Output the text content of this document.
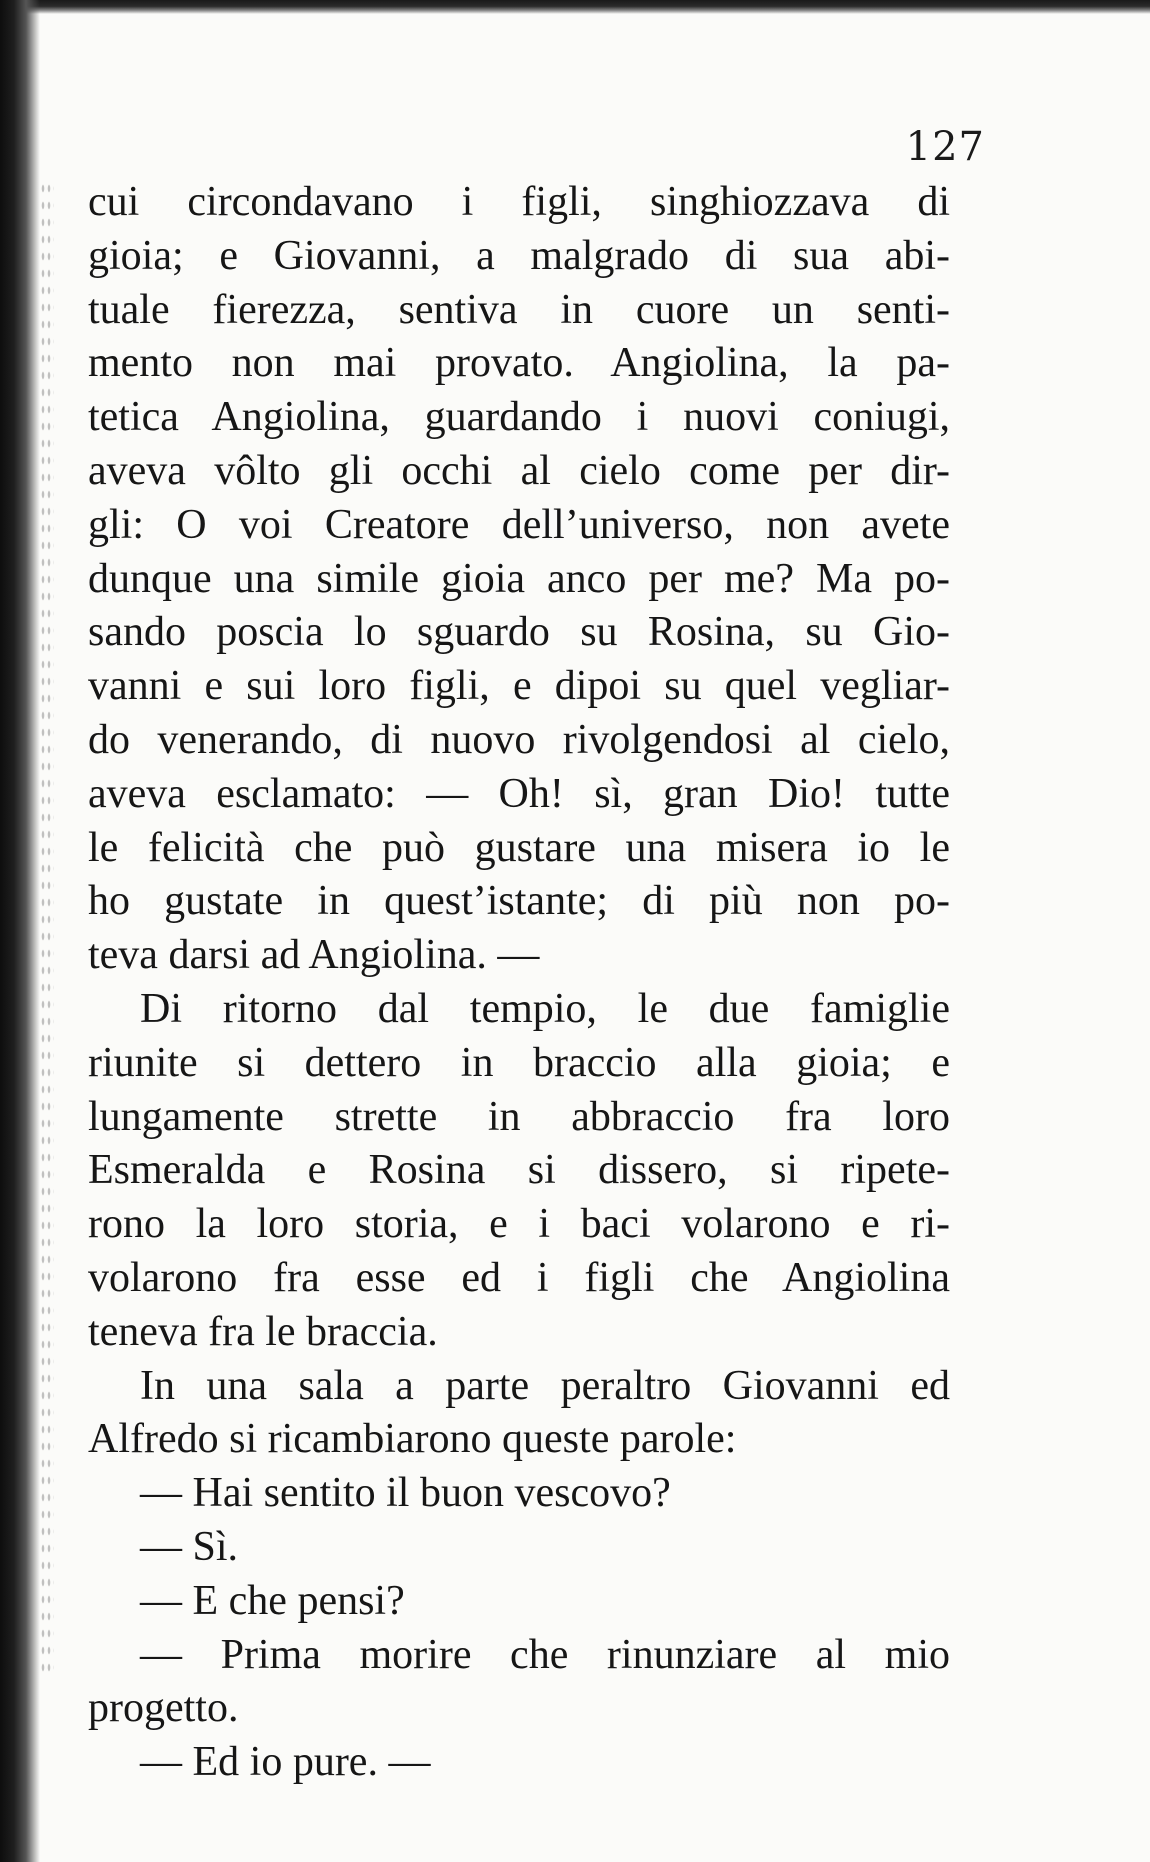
127
cui circondavano i figli, singhiozzava di
gioia; e Giovanni, a malgrado di sua abi-
tuale fierezza, sentiva in cuore un senti-
mento non mai provato. Angiolina, la pa-
tetica Angiolina, guardando i nuovi coniugi,
aveva vôlto gli occhi al cielo come per dir-
gli: O voi Creatore dell’universo, non avete
dunque una simile gioia anco per me? Ma po-
sando poscia lo sguardo su Rosina, su Gio-
vanni e sui loro figli, e dipoi su quel vegliar-
do venerando, di nuovo rivolgendosi al cielo,
aveva esclamato: — Oh! sì, gran Dio! tutte
le felicità che può gustare una misera io le
ho gustate in quest’istante; di più non po-
teva darsi ad Angiolina. —
Di ritorno dal tempio, le due famiglie
riunite si dettero in braccio alla gioia; e
lungamente strette in abbraccio fra loro
Esmeralda e Rosina si dissero, si ripete-
rono la loro storia, e i baci volarono e ri-
volarono fra esse ed i figli che Angiolina
teneva fra le braccia.
In una sala a parte peraltro Giovanni ed
Alfredo si ricambiarono queste parole:
— Hai sentito il buon vescovo?
— Sì.
— E che pensi?
— Prima morire che rinunziare al mio
progetto.
— Ed io pure. —
